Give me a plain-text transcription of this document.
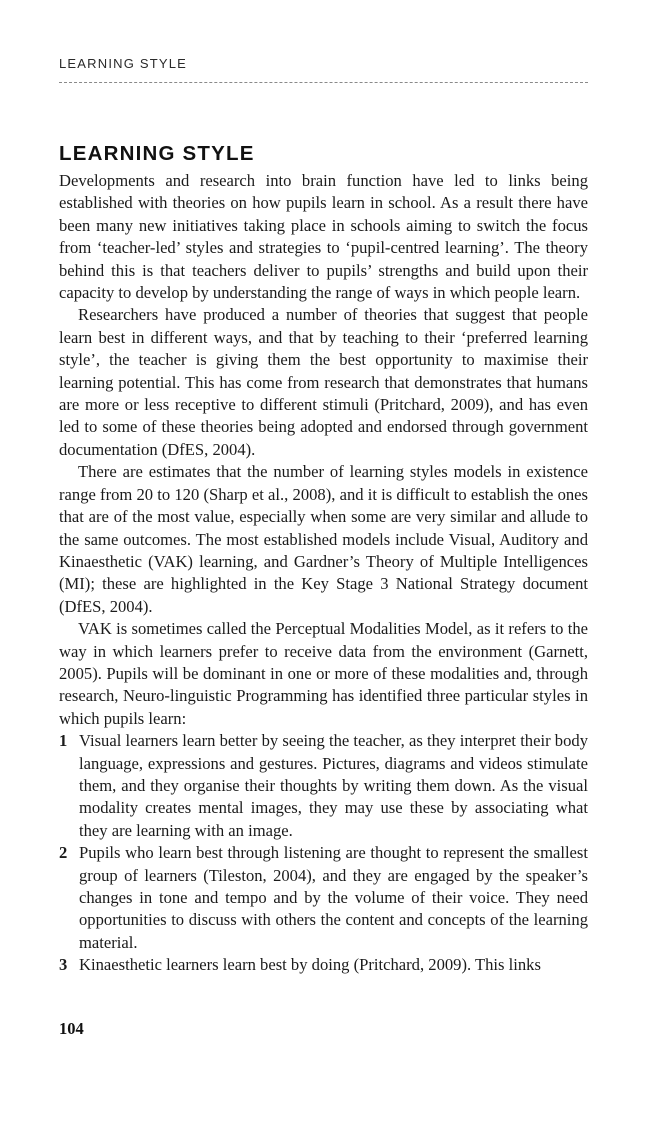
LEARNING STYLE
LEARNING STYLE

Developments and research into brain function have led to links being established with theories on how pupils learn in school. As a result there have been many new initiatives taking place in schools aiming to switch the focus from ‘teacher-led’ styles and strategies to ‘pupil-centred learning’. The theory behind this is that teachers deliver to pupils’ strengths and build upon their capacity to develop by understanding the range of ways in which people learn.

Researchers have produced a number of theories that suggest that people learn best in different ways, and that by teaching to their ‘preferred learning style’, the teacher is giving them the best opportunity to maximise their learning potential. This has come from research that demonstrates that humans are more or less receptive to different stimuli (Pritchard, 2009), and has even led to some of these theories being adopted and endorsed through government documentation (DfES, 2004).

There are estimates that the number of learning styles models in existence range from 20 to 120 (Sharp et al., 2008), and it is difficult to establish the ones that are of the most value, especially when some are very similar and allude to the same outcomes. The most established models include Visual, Auditory and Kinaesthetic (VAK) learning, and Gardner’s Theory of Multiple Intelligences (MI); these are highlighted in the Key Stage 3 National Strategy document (DfES, 2004).

VAK is sometimes called the Perceptual Modalities Model, as it refers to the way in which learners prefer to receive data from the environment (Garnett, 2005). Pupils will be dominant in one or more of these modalities and, through research, Neuro-linguistic Programming has identified three particular styles in which pupils learn:

1 Visual learners learn better by seeing the teacher, as they interpret their body language, expressions and gestures. Pictures, diagrams and videos stimulate them, and they organise their thoughts by writing them down. As the visual modality creates mental images, they may use these by associating what they are learning with an image.
2 Pupils who learn best through listening are thought to represent the smallest group of learners (Tileston, 2004), and they are engaged by the speaker’s changes in tone and tempo and by the volume of their voice. They need opportunities to discuss with others the content and concepts of the learning material.
3 Kinaesthetic learners learn best by doing (Pritchard, 2009). This links
104
